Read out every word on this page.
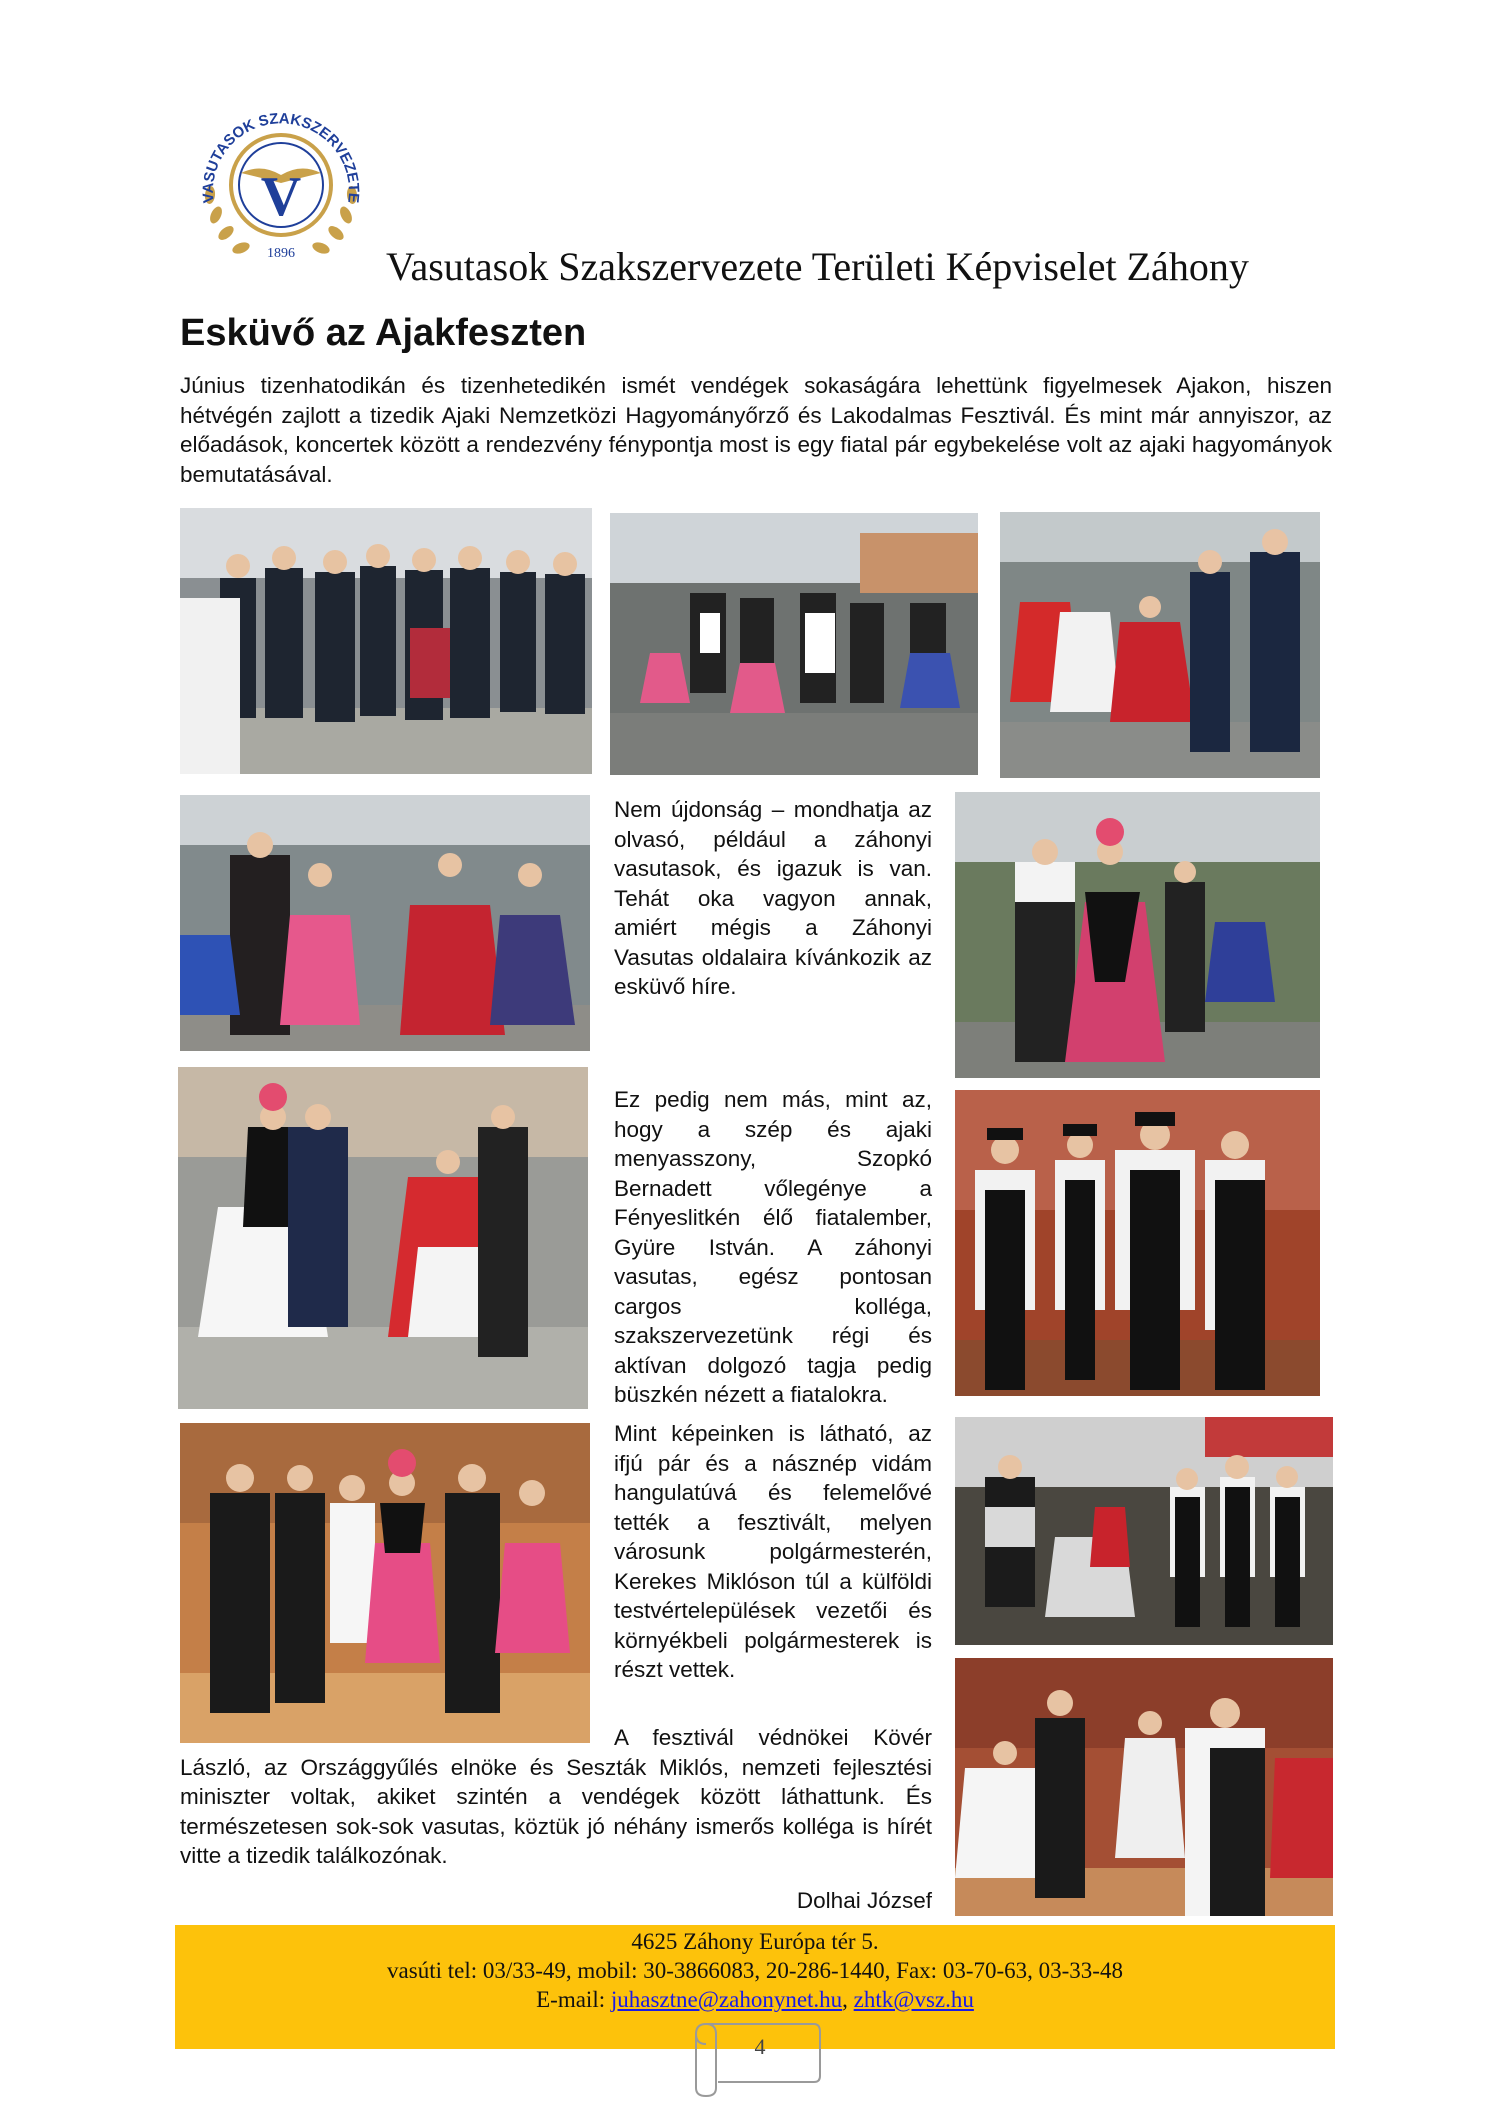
VASUTASOK SZAKSZERVEZETE
V
1896 Vasutasok Szakszervezete Területi Képviselet Záhony
Esküvő az Ajakfeszten
Június tizenhatodikán és tizenhetedikén ismét vendégek sokaságára lehettünk figyelmesek Ajakon, hiszen hétvégén zajlott a tizedik Ajaki Nemzetközi Hagyományőrző és Lakodalmas Fesztivál. És mint már annyiszor, az előadások, koncertek között a rendezvény fénypontja most is egy fiatal pár egybekelése volt az ajaki hagyományok bemutatásával.
Nem újdonság – mondhatja az olvasó, például a záhonyi vasutasok, és igazuk is van. Tehát oka vagyon annak, amiért mégis a Záhonyi Vasutas oldalaira kívánkozik az esküvő híre.
Ez pedig nem más, mint az, hogy a szép és ajaki menyasszony, Szopkó Bernadett vőlegénye a Fényeslitkén élő fiatalember, Gyüre István. A záhonyi vasutas, egész pontosan cargos kolléga, szakszervezetünk régi és aktívan dolgozó tagja pedig büszkén nézett a fiatalokra.
Mint képeinken is látható, az ifjú pár és a násznép vidám hangulatúvá és felemelővé tették a fesztivált, melyen városunk polgármesterén, Kerekes Miklóson túl a külföldi testvértelepülések vezetői és környékbeli polgármesterek is részt vettek.
A fesztivál védnökei Kövér László, az Országgyűlés elnöke és Seszták Miklós, nemzeti fejlesztési miniszter voltak, akiket szintén a vendégek között láthattunk. És természetesen sok-sok vasutas, köztük jó néhány ismerős kolléga is hírét vitte a tizedik találkozónak.
Dolhai József
4625 Záhony Európa tér 5.
vasúti tel: 03/33-49, mobil: 30-3866083, 20-286-1440, Fax: 03-70-63, 03-33-48
E-mail: juhasztne@zahonynet.hu, zhtk@vsz.hu
4
